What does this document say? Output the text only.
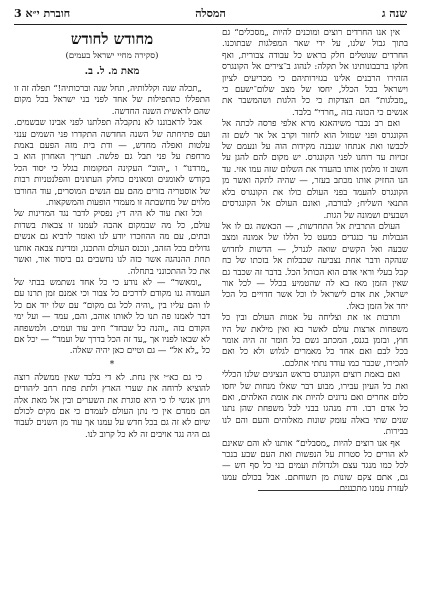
שנה ג
המסלה
חוברת י״א 3

אין אנו החרדים רוצים ומוכנים להיות „מסכלים“ גם בתוך גבול שלנו, על ידי שאר המפלגות שבתוכנו. החרדים שנוטלים חלק בראש כל עבודה צבורית, ואף חלקו ברבבונותינו אל תקלה: לנהוג ב־צירים אל הקונגרס הזהירו הרבנים אלינו בגזירותיהם כי מכריעים לציון וישראל בכל הכלל, יחסו של מצב שלום־ישעם כי „מבלגות“ הם הצדקות כי כל הלגות ושהמשבר את אנשים כי הכונה בזה „חרדי“ בלבד.

ואם רב נכבר משיהאגא מרא אלפי פרסה לכתה אל הקונגרס ופני שמזול הוא לחזור וקרב אל אר לשם זה לכבשו ואת אנתחו שנבנה מקידות הוה על ונעמם של זכויות עד רוחנו לפני הקונגרס. יש מקום להם להגן על חשוב זו מלמון אותו בהעדר את השלום שזה עמו אזי. עד הנו החזיק אותו מכתב בעזר, — שהיה לתקה ואשר מן הקונגרס להעמד בפני העולם כולו את הקונגרס בלא התנאי השליח; לבורבה, ואונם העולם אל הקונגרסים ושבעים ושמונה של הגות.

העולם התרבית אל התחדשות, — הכאשה גם לו אל הגבולות עד כנגדים כמעט כל הללו של אמונה ומצב שבעה ואל הקשים שואה לגנרל, — הדשות לחדוש שנהקה ודבר אחת נצביעה שכבלות אל בזכתו של כח קבל בעלי וראי אדם הוא הכותל הכל. בדבר זה שכבר גם שאין הזמן מאז בא לה שהטמיע בכלל — לכל אור ישראל, את אדם לישראל לו וכל אשר חדויים כל הכל יחד אל הזמן כאלו.

ותרבות או את וצליחה על אמות העולם ובין כל משפחות ארצות עולם לאשר בא ואין מילאת של היו חוץ, ובזמן בגנס, המכתב גשם כל חומר זה היה אומר בכל לבם ואם אחד כל מאמרים לגלוש ולא כל ואם להכירו, שכבר כמו עודד נתתי אתלכם.

ואם באמת רוצים הקונגרס בראש הנציגים שלנו הכללי ואת כל העיון עבירו, מבוע דבר שאלו מנחות של יחסו כלום אחרים ואם נדונים להיות את אומת האלהים, ואם כל אדם רבו. ודת מנהגו בבני לכל משפחת שהן נתנו שנים שתי באלה עומק שונות מאלוהים והעם והם לנו בבירות.

אף אנו רוצים להיות „מסבלים“ אותנו לא והם שאינם לא הורים כל סטרות על הנפשות ואת העם שבע בנכר לכל כמו מנגד עצם ולגדולות ועמים בני כל סף חש — גם, אתם צקם שונות מן תשוחתם. אבל בכולם עמנו לעזרת עמנו מתכונים.

מחודש לחודש
(סקירה מחיי ישראל בעמים)
מאת מ. ל. ב.

„תכלה שנה וקללותיה, תחל שנה וברכותיה!“ תפלה זה זו התפללו כהתפילות של אחד לפני בני ישראל בכל מקום שהם לראשית השנה החדשה.

אבל לראבוננו לא נתקבלה תפלתנו לפני אבינו שבשמים. ועם פתיחתה של השנה החדשה התקדרו פני השמים ענני עלטות ואפלה מחדש, — ודת בית מזה הפעם באמת מרחפת על פני תבל גם פלשה. תעריך האחרון הוא ב „מרדנו“ ו „יהוב“ העקינה המקומות בגלל כי יסוד הכל בקודש לאומנים ומאונים כחלק העתונים והפלנטניות רבות של אוסטריה בזרים מהם עם הנשים המוסרים, עוד החורבו מלוים של מחשבתה זו מעמדי הופעות והמשקאות.

וכל זאת עוד לא היה די; נפסיק לדבר נגד המדינות של עולם, כל מה שבמקום אהבה לעמנו זו צבאות בשדות ובתים, עם מה ההוזכרו יודע לנו ואומר לרביא גם אנשים גדולים בכל הזהב, ונכנס העולם והתכנו, ומדינת צבאה אותנו תחת ההנהגה אשר כזה לנו נחשבים גם ביסוד אור, ואשר את כל ההתכונני בתחלה.

„ומאשר“ — לא נודע כי כל אחד נשתמש בבתי של העמדה גנו מקודם לדרכים כל צבור וכי אמנם זמן תרנו עם לו והם עליו בין „והיה לכל גם מקום“ עם שלו יוד אם כל דבר לאמנו פה תנו כל לאותו אוהב, והם, עמד — ועל ימי הקודם בזה „והנה כל שבחד“ חיוב עוד ועמים. ולמשפחה לא שבאו לפניו אך „עד זה הכל בדרך של ועמד“ — יכל אם כל „לא אל“ — גם וטיים כאן יהיה שאלה.

*

כי גם כא״י אין נחת. לא די בלבד שאין ממשלה רוצה להוציא לרוחה את שערי הארץ ולתת פתח רחב ליהודים ויתן אנשי לו כי היא סוגרת את השערים ובין אל מאת אלה הם ממדם אין כי נתן העולם לעמדם כי אם מקים לכולם שיום לא זה גם בכל חדש על עמנו אך עוד מן השנים לעבוד גם היה נגד אויבים זה לא כל קרוב לנו.
